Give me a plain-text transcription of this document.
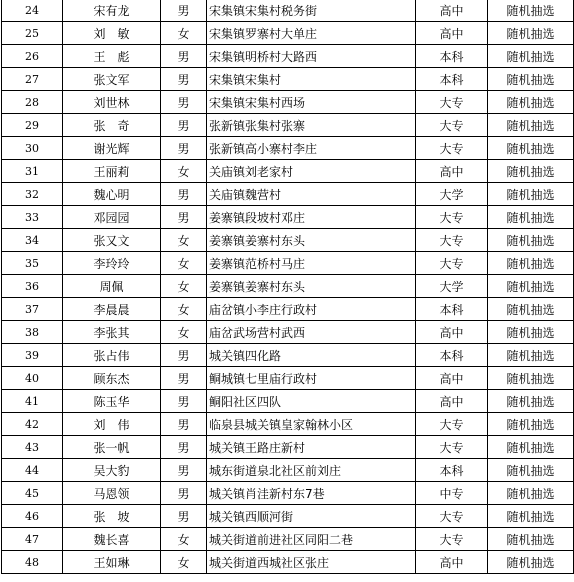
24	宋有龙	男	宋集镇宋集村税务街	高中	随机抽选
25	刘　敏	女	宋集镇罗寨村大单庄	高中	随机抽选
26	王　彪	男	宋集镇明桥村大路西	本科	随机抽选
27	张文军	男	宋集镇宋集村	本科	随机抽选
28	刘世林	男	宋集镇宋集村西场	大专	随机抽选
29	张　奇	男	张新镇张集村张寨	大专	随机抽选
30	谢光辉	男	张新镇高小寨村李庄	大专	随机抽选
31	王丽莉	女	关庙镇刘老家村	高中	随机抽选
32	魏心明	男	关庙镇魏营村	大学	随机抽选
33	邓园园	男	姜寨镇段坡村邓庄	大专	随机抽选
34	张又文	女	姜寨镇姜寨村东头	大专	随机抽选
35	李玲玲	女	姜寨镇范桥村马庄	大专	随机抽选
36	周佩	女	姜寨镇姜寨村东头	大学	随机抽选
37	李晨晨	女	庙岔镇小李庄行政村	本科	随机抽选
38	李张其	女	庙岔武场营村武西	高中	随机抽选
39	张占伟	男	城关镇四化路	本科	随机抽选
40	顾东杰	男	鲖城镇七里庙行政村	高中	随机抽选
41	陈玉华	男	鲖阳社区四队	高中	随机抽选
42	刘　伟	男	临泉县城关镇皇家翰林小区	大专	随机抽选
43	张一帆	男	城关镇王路庄新村	大专	随机抽选
44	吴大豹	男	城东街道泉北社区前刘庄	本科	随机抽选
45	马恩领	男	城关镇肖洼新村东7巷	中专	随机抽选
46	张　坡	男	城关镇西顺河街	大专	随机抽选
47	魏长喜	女	城关街道前进社区同阳二巷	大专	随机抽选
48	王如琳	女	城关街道西城社区张庄	高中	随机抽选
